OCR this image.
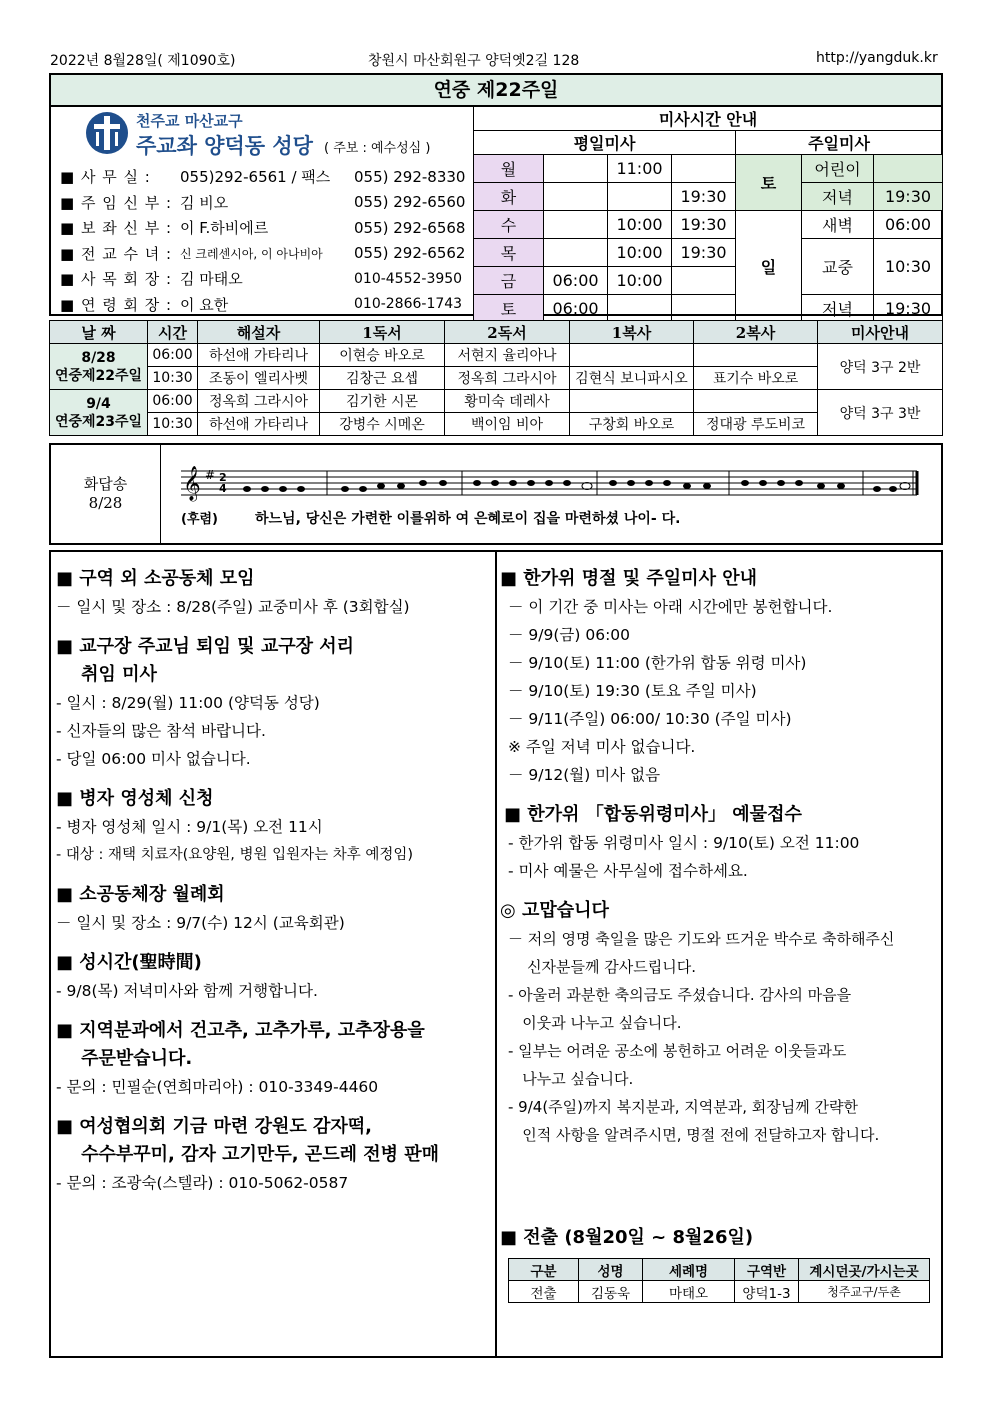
2022년 8월28일( 제1090호)	창원시 마산회원구 양덕옛2길 128	http://yangduk.kr
연중 제22주일
천주교 마산교구
주교좌 양덕동 성당 ( 주보 : 예수성심 )
■ 사 무 실 :	055)292-6561 / 팩스	055) 292-8330
■ 주 임 신 부 : 김 비오	055) 292-6560
■ 보 좌 신 부 : 이 F.하비에르	055) 292-6568
■ 전 교 수 녀 : 신 크레센시아, 이 아나비아	055) 292-6562
■ 사 목 회 장 : 김 마태오	010-4552-3950
■ 연 령 회 장 : 이 요한	010-2866-1743
미사시간 안내						
평일미사				주일미사		
월		11:00		토	어린이	
화			19:30		저녁	19:30
수		10:00	19:30	일	새벽	06:00
목		10:00	19:30		교중	10:30
금	06:00	10:00				
토	06:00				저녁	19:30
날 짜	시간	해설자	1독서	2독서	1복사	2복사	미사안내

8/28
연중제22주일	06:00	하선애 가타리나	이현승 바오로	서현지 율리아나			양덕 3구 2반
	10:30	조동이 엘리사벳	김창근 요셉	정옥희 그라시아	김현식 보니파시오	표기수 바오로	

9/4
연중제23주일	06:00	정옥희 그라시아	김기한 시몬	황미숙 데레사			양덕 3구 3반
	10:30	하선애 가타리나	강병수 시메온	백이임 비아	구창회 바오로	정대광 루도비코	
화답송
8/28
𝄞 # 2
4
(후렴)	하느님, 당신은 가련한 이를위하 여 은혜로이 집을 마련하셨 나이- 다.
■ 구역 외 소공동체 모임

－ 일시 및 장소 : 8/28(주일) 교중미사 후 (3회합실)

■ 교구장 주교님 퇴임 및 교구장 서리
취임 미사

- 일시 : 8/29(월) 11:00 (양덕동 성당)

- 신자들의 많은 참석 바랍니다.

- 당일 06:00 미사 없습니다.

■ 병자 영성체 신청

- 병자 영성체 일시 : 9/1(목) 오전 11시

- 대상 : 재택 치료자(요양원, 병원 입원자는 차후 예정임)

■ 소공동체장 월례회

－ 일시 및 장소 : 9/7(수) 12시 (교육회관)

■ 성시간(聖時間)

- 9/8(목) 저녁미사와 함께 거행합니다.

■ 지역분과에서 건고추, 고추가루, 고추장용을
주문받습니다.

- 문의 : 민필순(연희마리아) : 010-3349-4460

■ 여성협의회 기금 마련 강원도 감자떡,
수수부꾸미, 감자 고기만두, 곤드레 전병 판매

- 문의 : 조광숙(스텔라) : 010-5062-0587

■ 한가위 명절 및 주일미사 안내

－ 이 기간 중 미사는 아래 시간에만 봉헌합니다.

－ 9/9(금) 06:00

－ 9/10(토) 11:00 (한가위 합동 위령 미사)

－ 9/10(토) 19:30 (토요 주일 미사)

－ 9/11(주일) 06:00/ 10:30 (주일 미사)

※ 주일 저녁 미사 없습니다.

－ 9/12(월) 미사 없음

■ 한가위 「합동위령미사」 예물접수

- 한가위 합동 위령미사 일시 : 9/10(토) 오전 11:00

- 미사 예물은 사무실에 접수하세요.

◎ 고맙습니다

－ 저의 영명 축일을 많은 기도와 뜨거운 박수로 축하해주신

신자분들께 감사드립니다.

- 아울러 과분한 축의금도 주셨습니다. 감사의 마음을

이웃과 나누고 싶습니다.

- 일부는 어려운 공소에 봉헌하고 어려운 이웃들과도

나누고 싶습니다.

- 9/4(주일)까지 복지분과, 지역분과, 회장님께 간략한

인적 사항을 알려주시면, 명절 전에 전달하고자 합니다.

■ 전출 (8월20일 ~ 8월26일)
구분	성명	세례명	구역반	계시던곳/가시는곳
전출	김동욱	마태오	양덕1-3	청주교구/두촌
